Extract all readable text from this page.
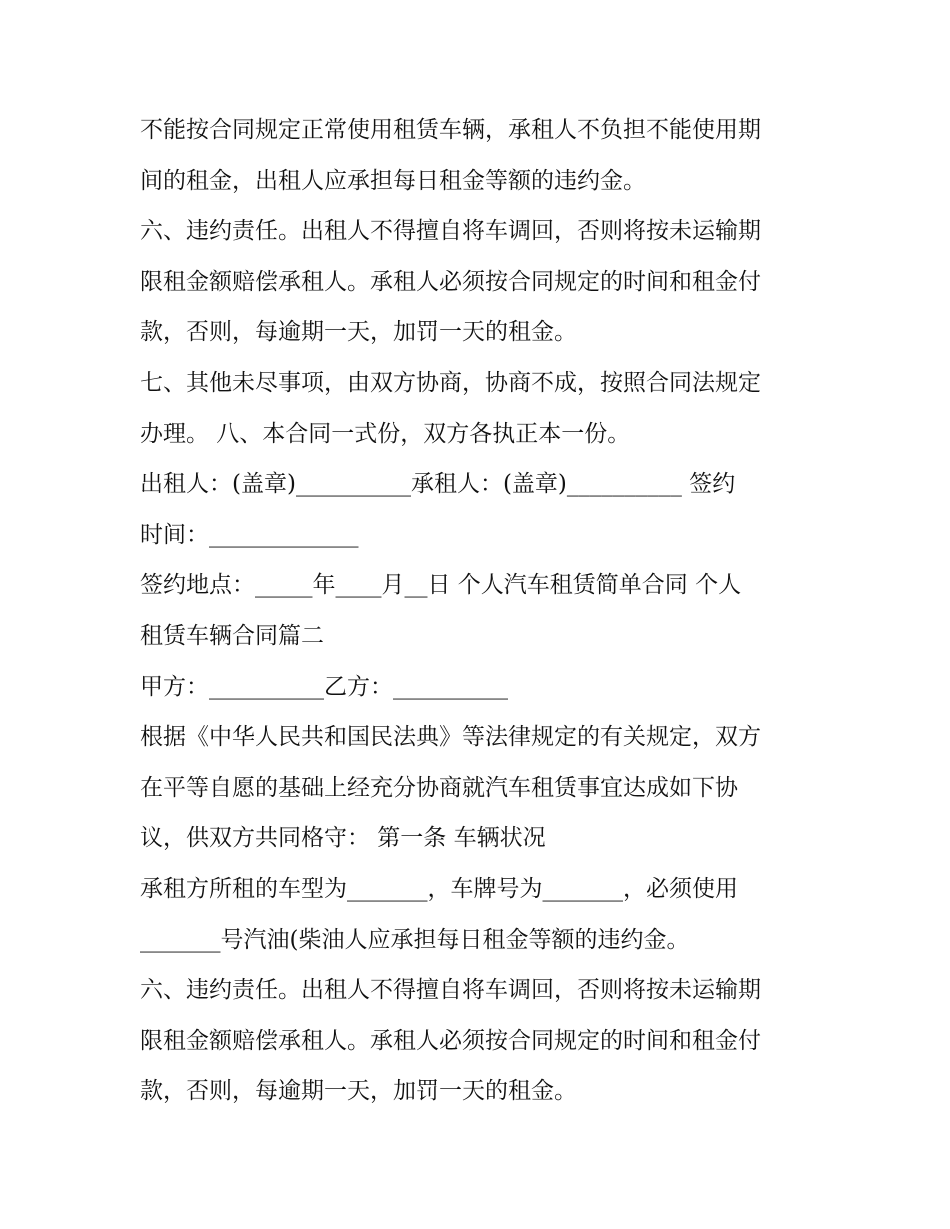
不能按合同规定正常使用租赁车辆，承租人不负担不能使用期
间的租金，出租人应承担每日租金等额的违约金。
六、违约责任。出租人不得擅自将车调回，否则将按未运输期
限租金额赔偿承租人。承租人必须按合同规定的时间和租金付
款，否则，每逾期一天，加罚一天的租金。
七、其他未尽事项，由双方协商，协商不成，按照合同法规定
办理。 八、本合同一式份，双方各执正本一份。
出租人：(盖章)__________承租人：(盖章)__________ 签约
时间：_____________
签约地点：_____年____月__日 个人汽车租赁简单合同 个人
租赁车辆合同篇二
甲方：__________乙方：__________
根据《中华人民共和国民法典》等法律规定的有关规定，双方
在平等自愿的基础上经充分协商就汽车租赁事宜达成如下协
议，供双方共同格守： 第一条 车辆状况
承租方所租的车型为_______，车牌号为_______，必须使用
_______号汽油(柴油人应承担每日租金等额的违约金。
六、违约责任。出租人不得擅自将车调回，否则将按未运输期
限租金额赔偿承租人。承租人必须按合同规定的时间和租金付
款，否则，每逾期一天，加罚一天的租金。
